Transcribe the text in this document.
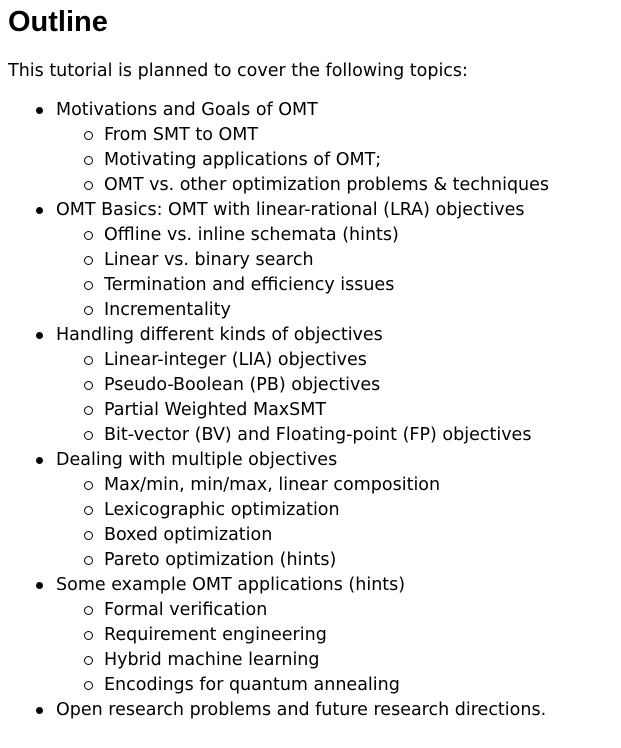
Outline

This tutorial is planned to cover the following topics:

Motivations and Goals of OMT
From SMT to OMT
Motivating applications of OMT;
OMT vs. other optimization problems & techniques
OMT Basics: OMT with linear-rational (LRA) objectives
Offline vs. inline schemata (hints)
Linear vs. binary search
Termination and efficiency issues
Incrementality
Handling different kinds of objectives
Linear-integer (LIA) objectives
Pseudo-Boolean (PB) objectives
Partial Weighted MaxSMT
Bit-vector (BV) and Floating-point (FP) objectives
Dealing with multiple objectives
Max/min, min/max, linear composition
Lexicographic optimization
Boxed optimization
Pareto optimization (hints)
Some example OMT applications (hints)
Formal verification
Requirement engineering
Hybrid machine learning
Encodings for quantum annealing
Open research problems and future research directions.
